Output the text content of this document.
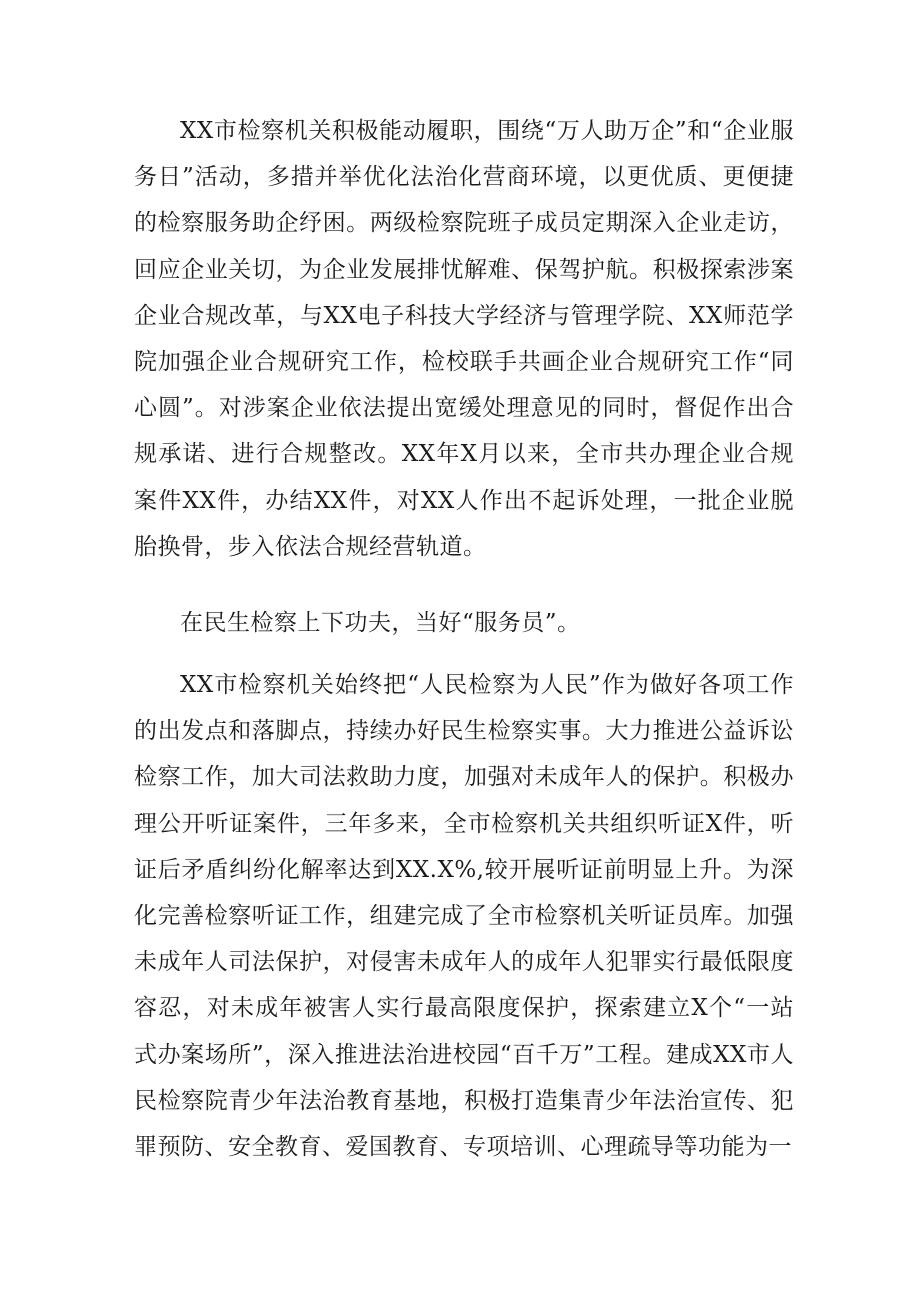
XX市检察机关积极能动履职，围绕“万人助万企”和“企业服务日”活动，多措并举优化法治化营商环境，以更优质、更便捷的检察服务助企纾困。两级检察院班子成员定期深入企业走访，回应企业关切，为企业发展排忧解难、保驾护航。积极探索涉案企业合规改革，与XX电子科技大学经济与管理学院、XX师范学院加强企业合规研究工作，检校联手共画企业合规研究工作“同心圆”。对涉案企业依法提出宽缓处理意见的同时，督促作出合规承诺、进行合规整改。XX年X月以来，全市共办理企业合规案件XX件，办结XX件，对XX人作出不起诉处理，一批企业脱胎换骨，步入依法合规经营轨道。

在民生检察上下功夫，当好“服务员”。

XX市检察机关始终把“人民检察为人民”作为做好各项工作的出发点和落脚点，持续办好民生检察实事。大力推进公益诉讼检察工作，加大司法救助力度，加强对未成年人的保护。积极办理公开听证案件，三年多来，全市检察机关共组织听证X件，听证后矛盾纠纷化解率达到XX.X%,较开展听证前明显上升。为深化完善检察听证工作，组建完成了全市检察机关听证员库。加强未成年人司法保护，对侵害未成年人的成年人犯罪实行最低限度容忍，对未成年被害人实行最高限度保护，探索建立X个“一站式办案场所”，深入推进法治进校园“百千万”工程。建成XX市人民检察院青少年法治教育基地，积极打造集青少年法治宣传、犯罪预防、安全教育、爱国教育、专项培训、心理疏导等功能为一
